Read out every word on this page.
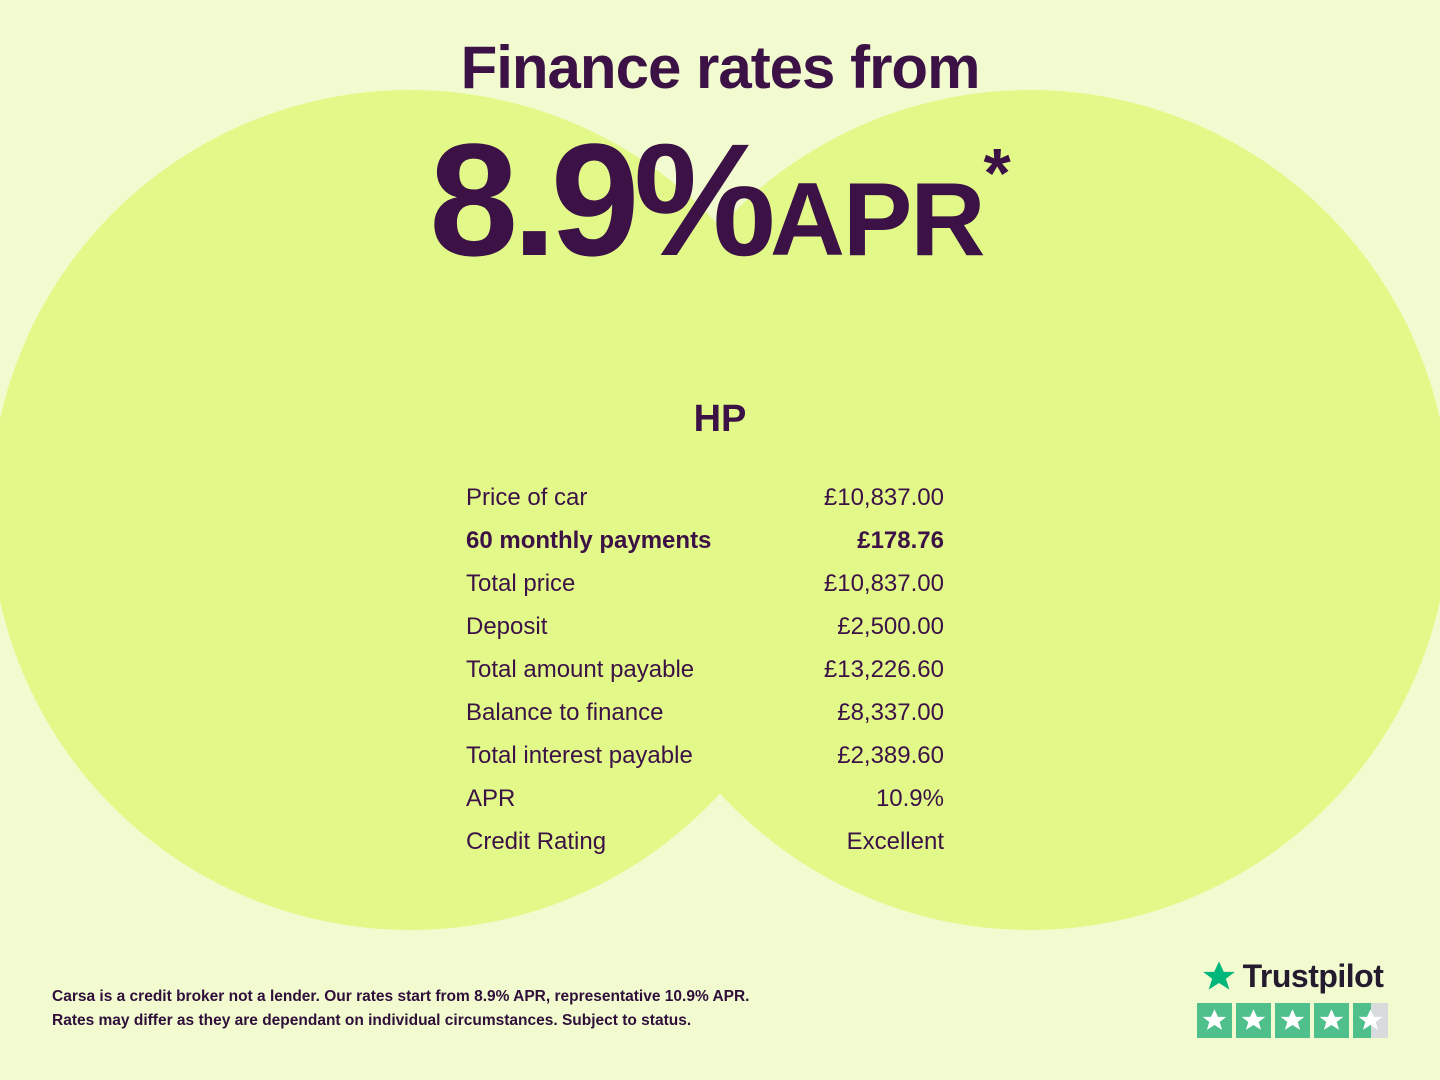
Finance rates from
8.9%APR*
HP
Price of car	£10,837.00
60 monthly payments	£178.76
Total price	£10,837.00
Deposit	£2,500.00
Total amount payable	£13,226.60
Balance to finance	£8,337.00
Total interest payable	£2,389.60
APR	10.9%
Credit Rating	Excellent
Carsa is a credit broker not a lender. Our rates start from 8.9% APR, representative 10.9% APR.
Rates may differ as they are dependant on individual circumstances. Subject to status.
Trustpilot
